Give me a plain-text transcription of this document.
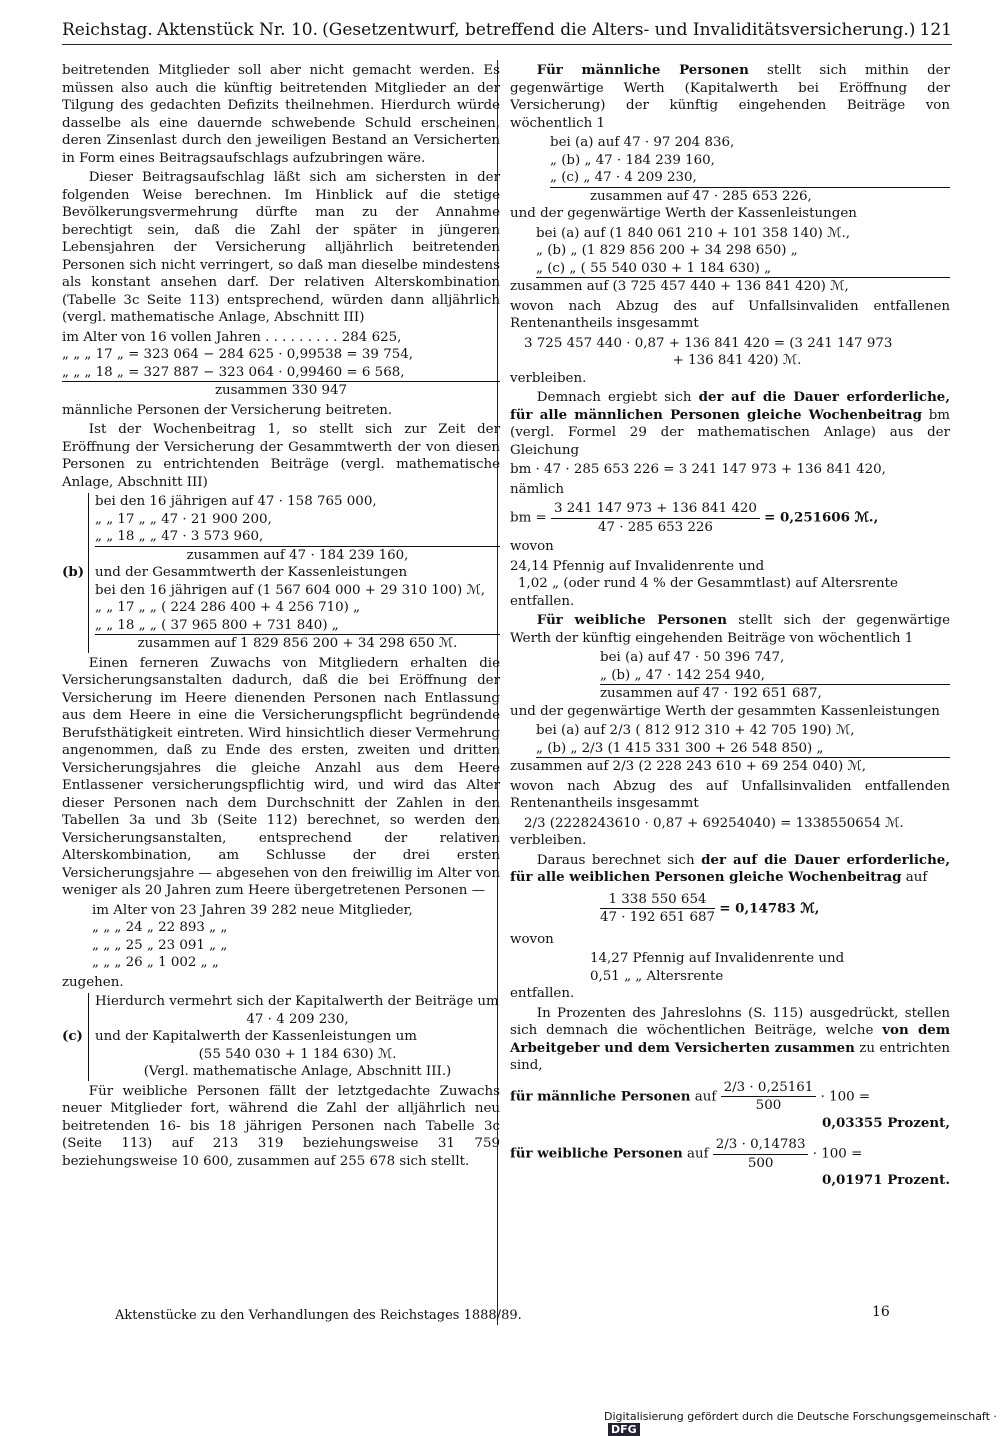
Reichstag. Aktenstück Nr. 10. (Gesetzentwurf, betreffend die Alters- und Invaliditätsversicherung.) 121

beitretenden Mitglieder soll aber nicht gemacht werden. Es müssen also auch die künftig beitretenden Mitglieder an der Tilgung des gedachten Defizits theilnehmen. Hierdurch würde dasselbe als eine dauernde schwebende Schuld erscheinen, deren Zinsenlast durch den jeweiligen Bestand an Versicherten in Form eines Beitragsaufschlags aufzubringen wäre.

Dieser Beitragsaufschlag läßt sich am sichersten in der folgenden Weise berechnen. Im Hinblick auf die stetige Bevölkerungsvermehrung dürfte man zu der Annahme berechtigt sein, daß die Zahl der später in jüngeren Lebensjahren der Versicherung alljährlich beitretenden Personen sich nicht verringert, so daß man dieselbe mindestens als konstant ansehen darf. Der relativen Alterskombination (Tabelle 3c Seite 113) entsprechend, würden dann alljährlich (vergl. mathematische Anlage, Abschnitt III)

im Alter von 16 vollen Jahren . . . . . . . . . 284 625,
„ „ „ 17 „ = 323 064 − 284 625 · 0,99538 = 39 754,
„ „ „ 18 „ = 327 887 − 323 064 · 0,99460 = 6 568,
zusammen 330 947

männliche Personen der Versicherung beitreten.

Ist der Wochenbeitrag 1, so stellt sich zur Zeit der Eröffnung der Versicherung der Gesammtwerth der von diesen Personen zu entrichtenden Beiträge (vergl. mathematische Anlage, Abschnitt III)

(b)
bei den 16 jährigen auf 47 · 158 765 000,
„ „ 17 „ „ 47 · 21 900 200,
„ „ 18 „ „ 47 · 3 573 960,
zusammen auf 47 · 184 239 160,
und der Gesammtwerth der Kassenleistungen
bei den 16 jährigen auf (1 567 604 000 + 29 310 100) ℳ,
„ „ 17 „ „ ( 224 286 400 + 4 256 710) „
„ „ 18 „ „ ( 37 965 800 + 731 840) „
zusammen auf 1 829 856 200 + 34 298 650 ℳ.

Einen ferneren Zuwachs von Mitgliedern erhalten die Versicherungsanstalten dadurch, daß die bei Eröffnung der Versicherung im Heere dienenden Personen nach Entlassung aus dem Heere in eine die Versicherungspflicht begründende Berufsthätigkeit eintreten. Wird hinsichtlich dieser Vermehrung angenommen, daß zu Ende des ersten, zweiten und dritten Versicherungsjahres die gleiche Anzahl aus dem Heere Entlassener versicherungspflichtig wird, und wird das Alter dieser Personen nach dem Durchschnitt der Zahlen in den Tabellen 3a und 3b (Seite 112) berechnet, so werden den Versicherungsanstalten, entsprechend der relativen Alterskombination, am Schlusse der drei ersten Versicherungsjahre — abgesehen von den freiwillig im Alter von weniger als 20 Jahren zum Heere übergetretenen Personen —

im Alter von 23 Jahren 39 282 neue Mitglieder,
„ „ „ 24 „ 22 893 „ „
„ „ „ 25 „ 23 091 „ „
„ „ „ 26 „ 1 002 „ „

zugehen.

(c)
Hierdurch vermehrt sich der Kapitalwerth der Beiträge um
47 · 4 209 230,
und der Kapitalwerth der Kassenleistungen um
(55 540 030 + 1 184 630) ℳ.
(Vergl. mathematische Anlage, Abschnitt III.)

Für weibliche Personen fällt der letztgedachte Zuwachs neuer Mitglieder fort, während die Zahl der alljährlich neu beitretenden 16- bis 18 jährigen Personen nach Tabelle 3c (Seite 113) auf 213 319 beziehungsweise 31 759 beziehungsweise 10 600, zusammen auf 255 678 sich stellt.

Für männliche Personen stellt sich mithin der gegenwärtige Werth (Kapitalwerth bei Eröffnung der Versicherung) der künftig eingehenden Beiträge von wöchentlich 1

bei (a) auf 47 · 97 204 836,
„ (b) „ 47 · 184 239 160,
„ (c) „ 47 · 4 209 230,
zusammen auf 47 · 285 653 226,

und der gegenwärtige Werth der Kassenleistungen

bei (a) auf (1 840 061 210 + 101 358 140) ℳ.,
„ (b) „ (1 829 856 200 + 34 298 650) „
„ (c) „ ( 55 540 030 + 1 184 630) „

zusammen auf (3 725 457 440 + 136 841 420) ℳ,

wovon nach Abzug des auf Unfallsinvaliden entfallenen Rentenantheils insgesammt

3 725 457 440 · 0,87 + 136 841 420 = (3 241 147 973
+ 136 841 420) ℳ.

verbleiben.

Demnach ergiebt sich der auf die Dauer erforderliche, für alle männlichen Personen gleiche Wochenbeitrag bm (vergl. Formel 29 der mathematischen Anlage) aus der Gleichung

bm · 47 · 285 653 226 = 3 241 147 973 + 136 841 420,

nämlich

bm = $\frac{3 241 147 973 + 136 841 420}{47 \cdot 285 653 226} = 0,251606$ ℳ.,

wovon

24,14 Pfennig auf Invalidenrente und
1,02 „ (oder rund 4 % der Gesammtlast) auf Altersrente

entfallen.

Für weibliche Personen stellt sich der gegenwärtige Werth der künftig eingehenden Beiträge von wöchentlich 1

bei (a) auf 47 · 50 396 747,
„ (b) „ 47 · 142 254 940,
zusammen auf 47 · 192 651 687,

und der gegenwärtige Werth der gesammten Kassenleistungen

bei (a) auf 2/3 ( 812 912 310 + 42 705 190) ℳ,
„ (b) „ 2/3 (1 415 331 300 + 26 548 850) „

zusammen auf 2/3 (2 228 243 610 + 69 254 040) ℳ,

wovon nach Abzug des auf Unfallsinvaliden entfallenden Rentenantheils insgesammt

2/3 (2228243610 · 0,87 + 69254040) = 1338550654 ℳ.

verbleiben.

Daraus berechnet sich der auf die Dauer erforderliche, für alle weiblichen Personen gleiche Wochenbeitrag auf

$\frac{1 338 550 654}{47 \cdot 192 651 687} = 0,14783$ ℳ,

wovon

14,27 Pfennig auf Invalidenrente und
0,51 „ „ Altersrente

entfallen.

In Prozenten des Jahreslohns (S. 115) ausgedrückt, stellen sich demnach die wöchentlichen Beiträge, welche von dem Arbeitgeber und dem Versicherten zusammen zu entrichten sind,

für männliche Personen auf $\frac{2/3 \cdot 0,25161}{500} \cdot 100$ =
0,03355 Prozent,
für weibliche Personen auf $\frac{2/3 \cdot 0,14783}{500} \cdot 100$ =
0,01971 Prozent.
Aktenstücke zu den Verhandlungen des Reichstages 1888/89.	16
Digitalisierung gefördert durch die Deutsche Forschungsgemeinschaft ·DFG
